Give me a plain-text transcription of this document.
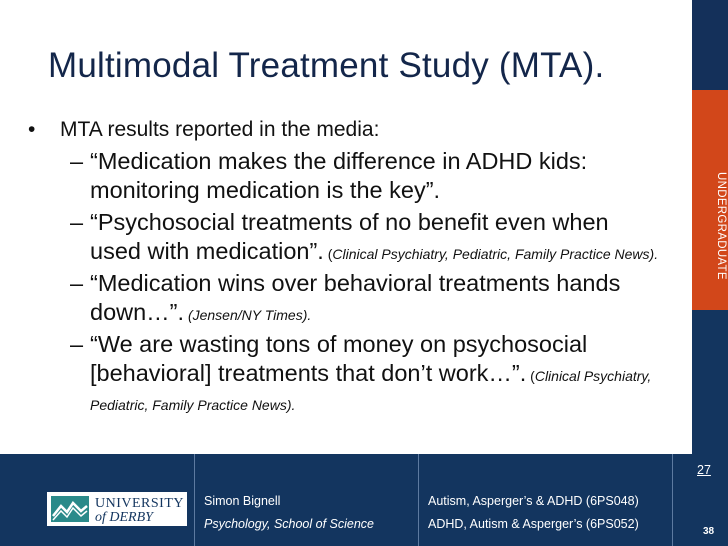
UNDERGRADUATE
Multimodal Treatment Study (MTA).
• MTA results reported in the media:
– “Medication makes the difference in ADHD kids: monitoring medication is the key”.
– “Psychosocial treatments of no benefit even when used with medication”. (Clinical Psychiatry, Pediatric, Family Practice News).
– “Medication wins over behavioral treatments hands down…”. (Jensen/NY Times).
– “We are wasting tons of money on psychosocial [behavioral] treatments that don’t work…”. (Clinical Psychiatry, Pediatric, Family Practice News).
UNIVERSITY
of DERBY
Simon Bignell
Psychology, School of Science
Autism, Asperger’s & ADHD (6PS048)
ADHD, Autism & Asperger’s (6PS052)
27
38
